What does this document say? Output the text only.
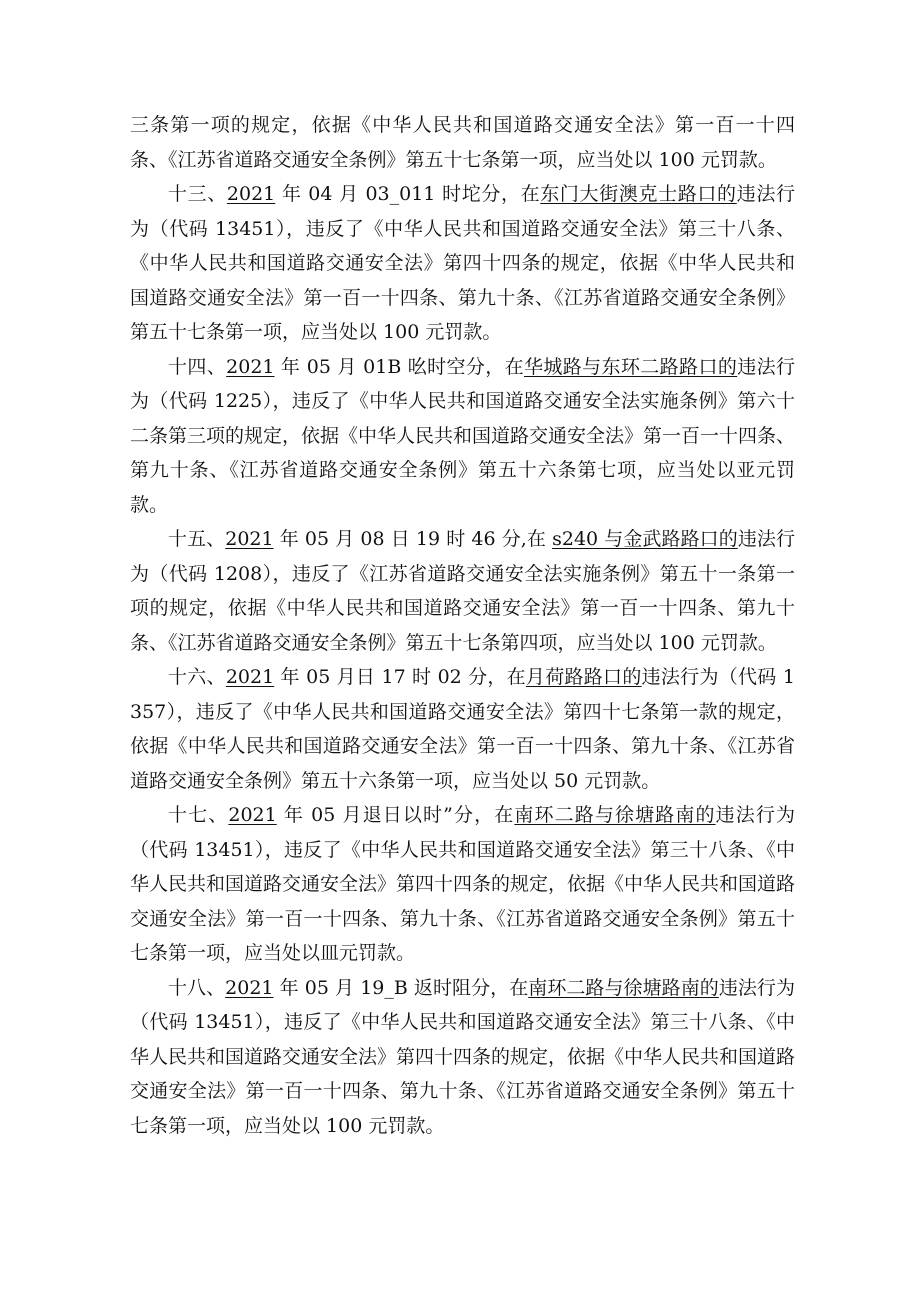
三条第一项的规定，依据《中华人民共和国道路交通安全法》第一百一十四条、《江苏省道路交通安全条例》第五十七条第一项，应当处以 100 元罚款。

十三、2021 年 04 月 03_011 时坨分，在东门大街澳克士路口的违法行为（代码 13451），违反了《中华人民共和国道路交通安全法》第三十八条、《中华人民共和国道路交通安全法》第四十四条的规定，依据《中华人民共和国道路交通安全法》第一百一十四条、第九十条、《江苏省道路交通安全条例》第五十七条第一项，应当处以 100 元罚款。

十四、2021 年 05 月 01B 吆时空分，在华城路与东环二路路口的违法行为（代码 1225），违反了《中华人民共和国道路交通安全法实施条例》第六十二条第三项的规定，依据《中华人民共和国道路交通安全法》第一百一十四条、第九十条、《江苏省道路交通安全条例》第五十六条第七项，应当处以亚元罚款。

十五、2021 年 05 月 08 日 19 时 46 分,在 s240 与金武路路口的违法行为（代码 1208），违反了《江苏省道路交通安全法实施条例》第五十一条第一项的规定，依据《中华人民共和国道路交通安全法》第一百一十四条、第九十条、《江苏省道路交通安全条例》第五十七条第四项，应当处以 100 元罚款。

十六、2021 年 05 月日 17 时 02 分，在月荷路路口的违法行为（代码 1357），违反了《中华人民共和国道路交通安全法》第四十七条第一款的规定，依据《中华人民共和国道路交通安全法》第一百一十四条、第九十条、《江苏省道路交通安全条例》第五十六条第一项，应当处以 50 元罚款。

十七、2021 年 05 月退日以时”分，在南环二路与徐塘路南的违法行为（代码 13451），违反了《中华人民共和国道路交通安全法》第三十八条、《中华人民共和国道路交通安全法》第四十四条的规定，依据《中华人民共和国道路交通安全法》第一百一十四条、第九十条、《江苏省道路交通安全条例》第五十七条第一项，应当处以皿元罚款。

十八、2021 年 05 月 19_B 返时阻分，在南环二路与徐塘路南的违法行为（代码 13451），违反了《中华人民共和国道路交通安全法》第三十八条、《中华人民共和国道路交通安全法》第四十四条的规定，依据《中华人民共和国道路交通安全法》第一百一十四条、第九十条、《江苏省道路交通安全条例》第五十七条第一项，应当处以 100 元罚款。
